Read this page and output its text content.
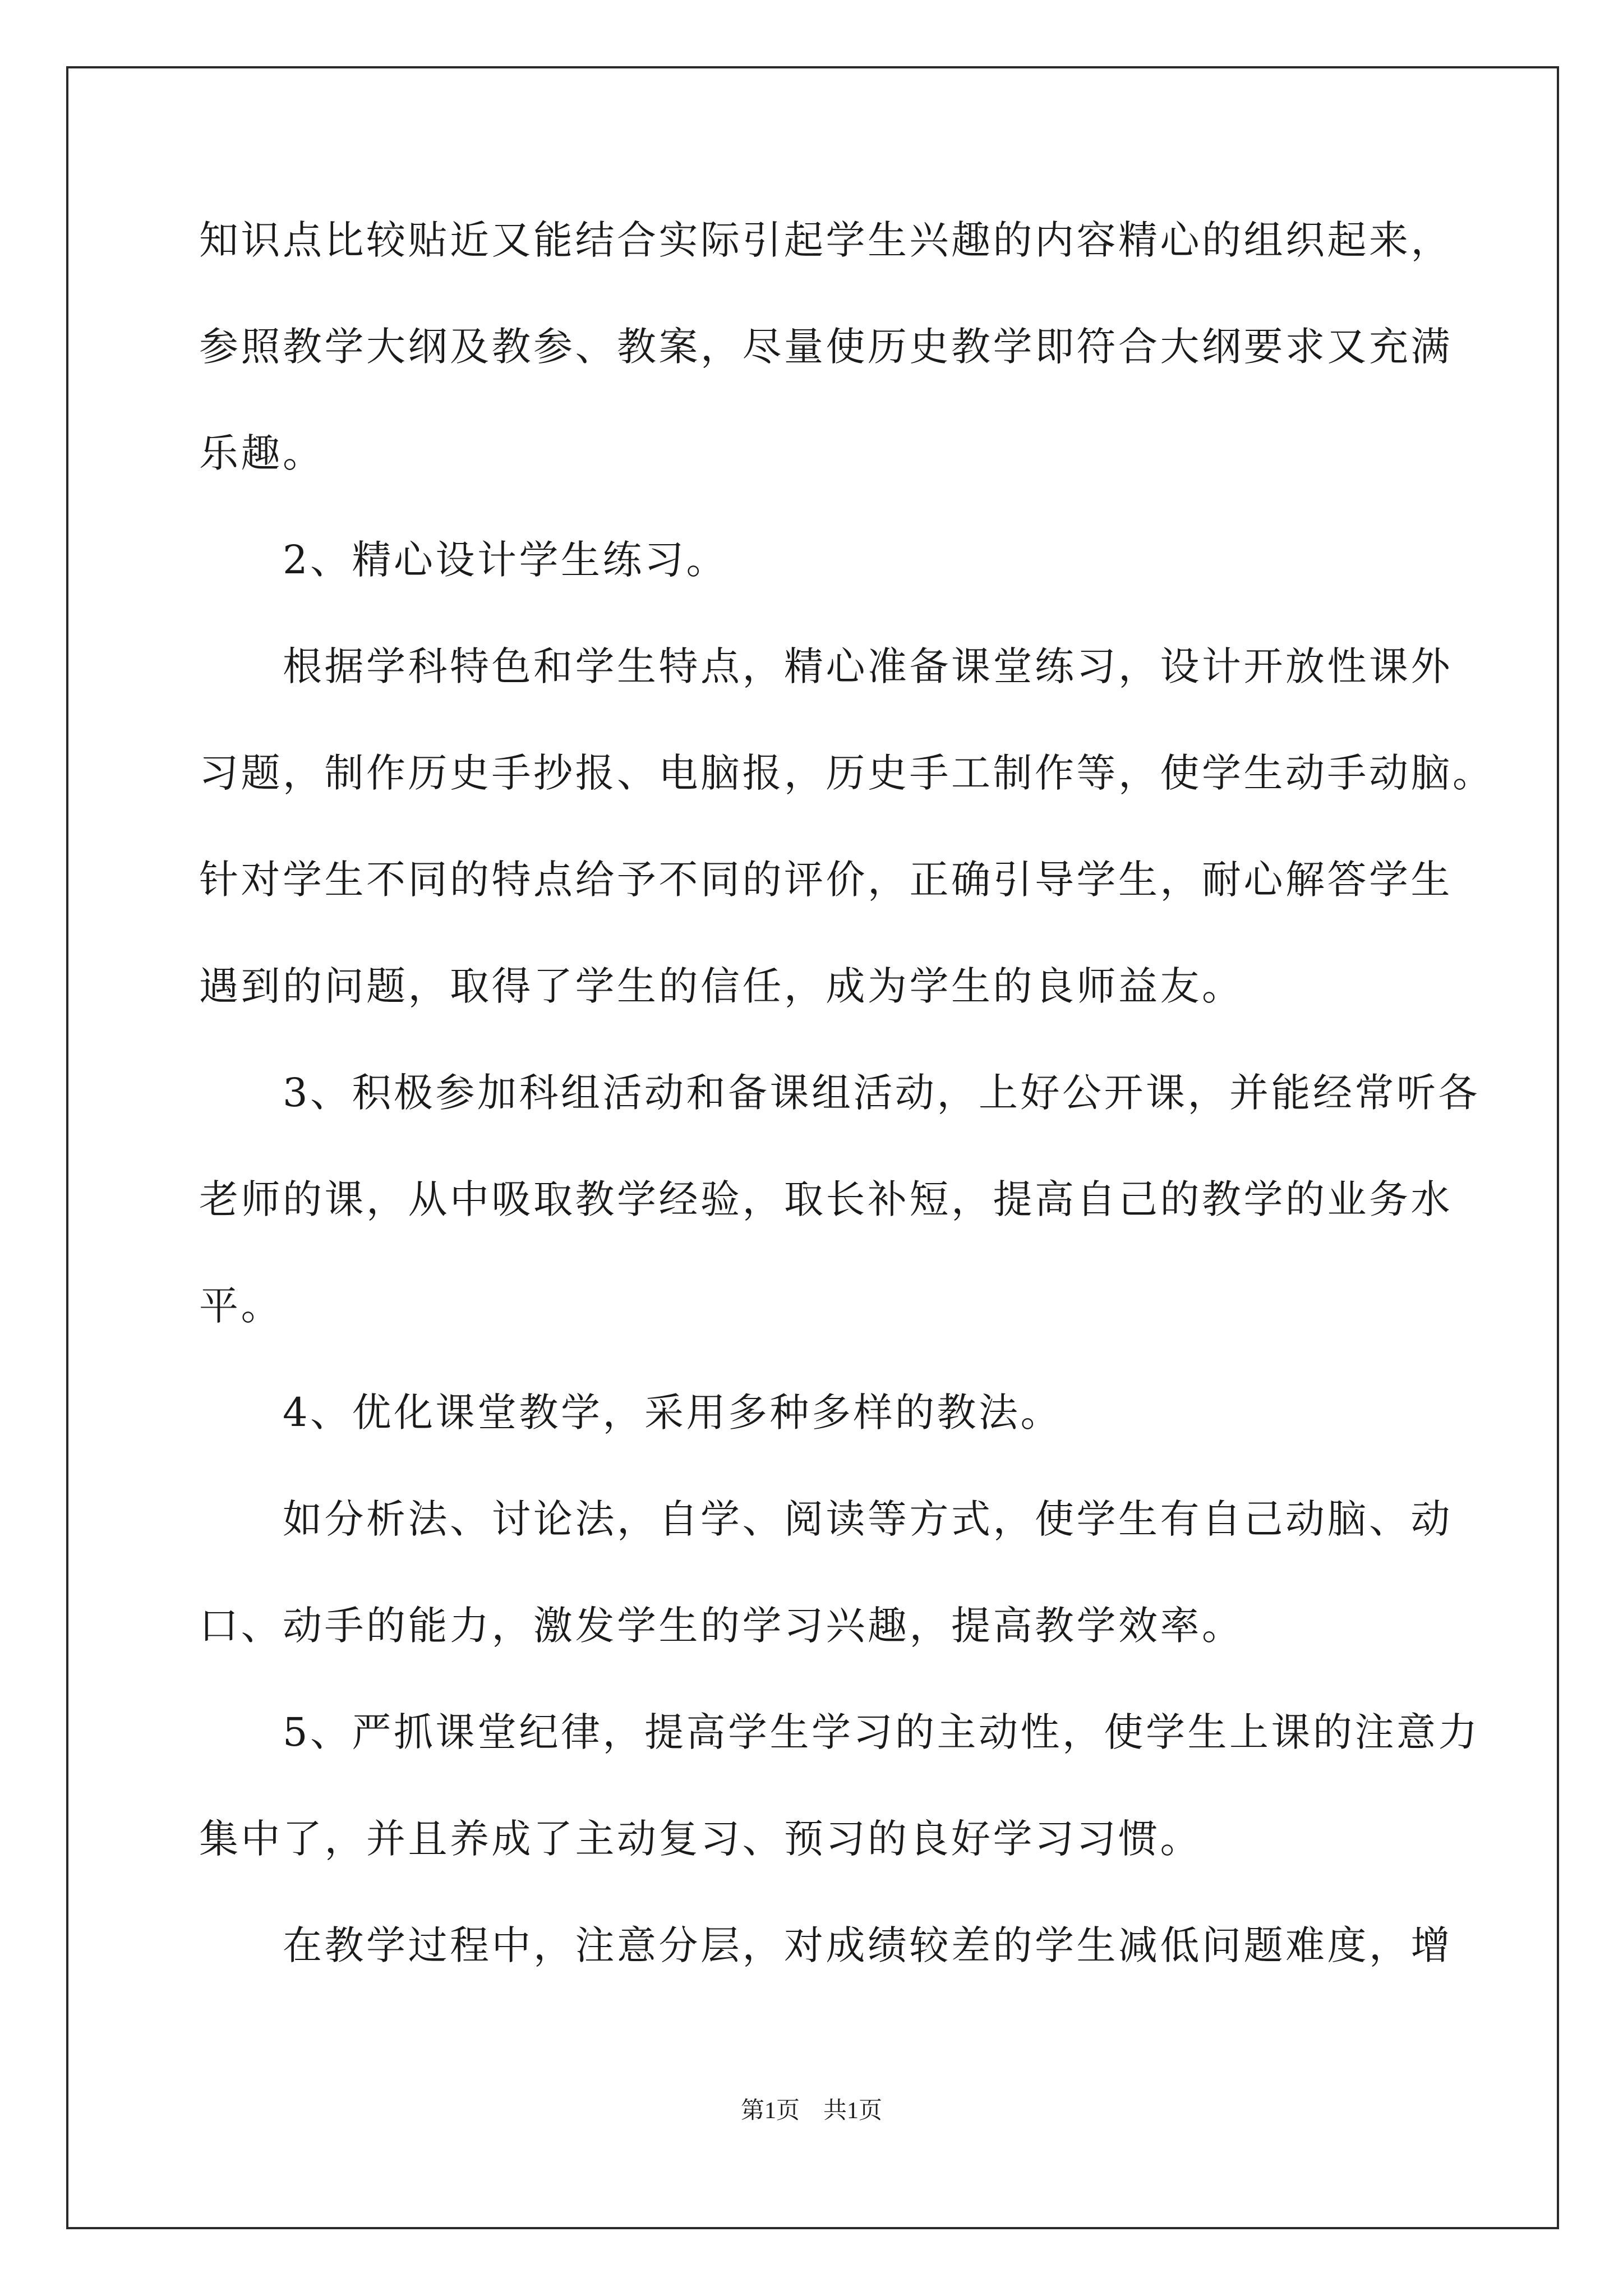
知识点比较贴近又能结合实际引起学生兴趣的内容精心的组织起来，
参照教学大纲及教参、教案，尽量使历史教学即符合大纲要求又充满
乐趣。
　　2、精心设计学生练习。
　　根据学科特色和学生特点，精心准备课堂练习，设计开放性课外
习题，制作历史手抄报、电脑报，历史手工制作等，使学生动手动脑。
针对学生不同的特点给予不同的评价，正确引导学生，耐心解答学生
遇到的问题，取得了学生的信任，成为学生的良师益友。
　　3、积极参加科组活动和备课组活动，上好公开课，并能经常听各
老师的课，从中吸取教学经验，取长补短，提高自己的教学的业务水
平。
　　4、优化课堂教学，采用多种多样的教法。
　　如分析法、讨论法，自学、阅读等方式，使学生有自己动脑、动
口、动手的能力，激发学生的学习兴趣，提高教学效率。
　　5、严抓课堂纪律，提高学生学习的主动性，使学生上课的注意力
集中了，并且养成了主动复习、预习的良好学习习惯。
　　在教学过程中，注意分层，对成绩较差的学生减低问题难度，增
第1页　共1页
